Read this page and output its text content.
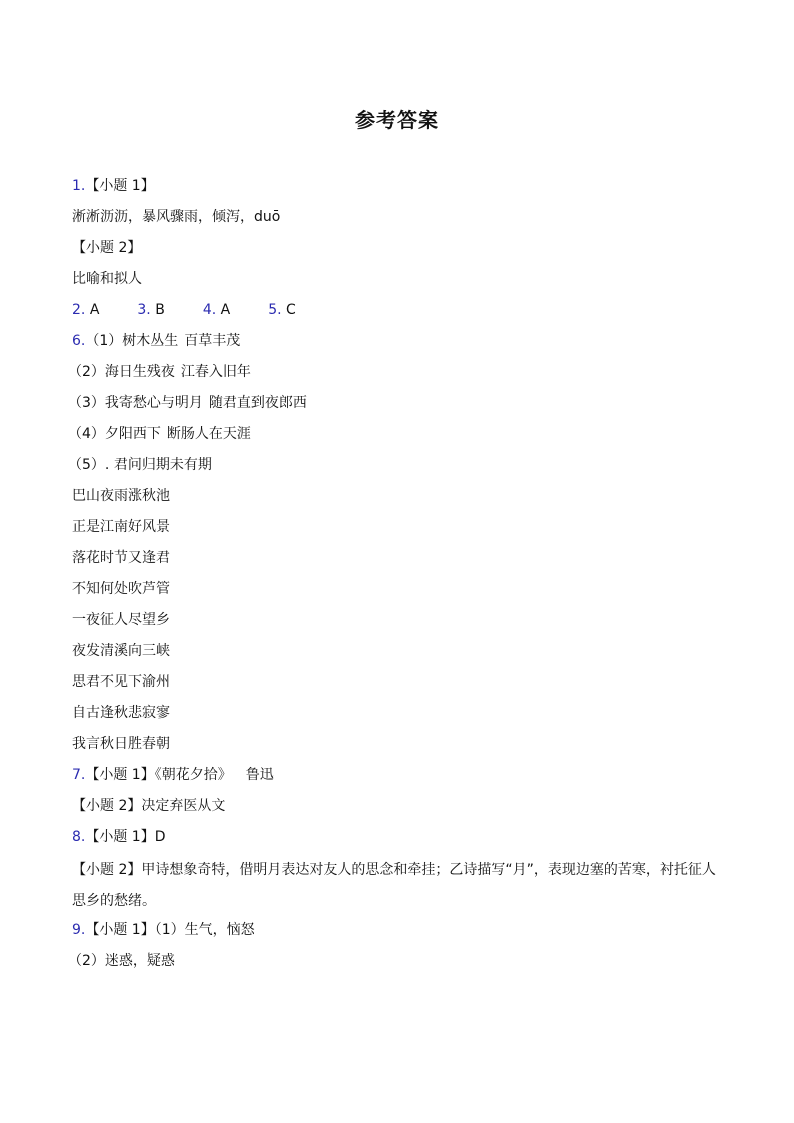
参考答案
1.【小题 1】
淅淅沥沥，暴风骤雨，倾泻，duō
【小题 2】
比喻和拟人
2. A	3. B	4. A	5. C
6.（1）树木丛生 百草丰茂
（2）海日生残夜 江春入旧年
（3）我寄愁心与明月 随君直到夜郎西
（4）夕阳西下 断肠人在天涯
（5）. 君问归期未有期
巴山夜雨涨秋池
正是江南好风景
落花时节又逢君
不知何处吹芦管
一夜征人尽望乡
夜发清溪向三峡
思君不见下渝州
自古逢秋悲寂寥
我言秋日胜春朝
7.【小题 1】《朝花夕拾》 鲁迅
【小题 2】决定弃医从文
8.【小题 1】D
【小题 2】甲诗想象奇特，借明月表达对友人的思念和牵挂；乙诗描写“月”，表现边塞的苦寒，衬托征人思乡的愁绪。
9.【小题 1】（1）生气，恼怒
（2）迷惑，疑惑
